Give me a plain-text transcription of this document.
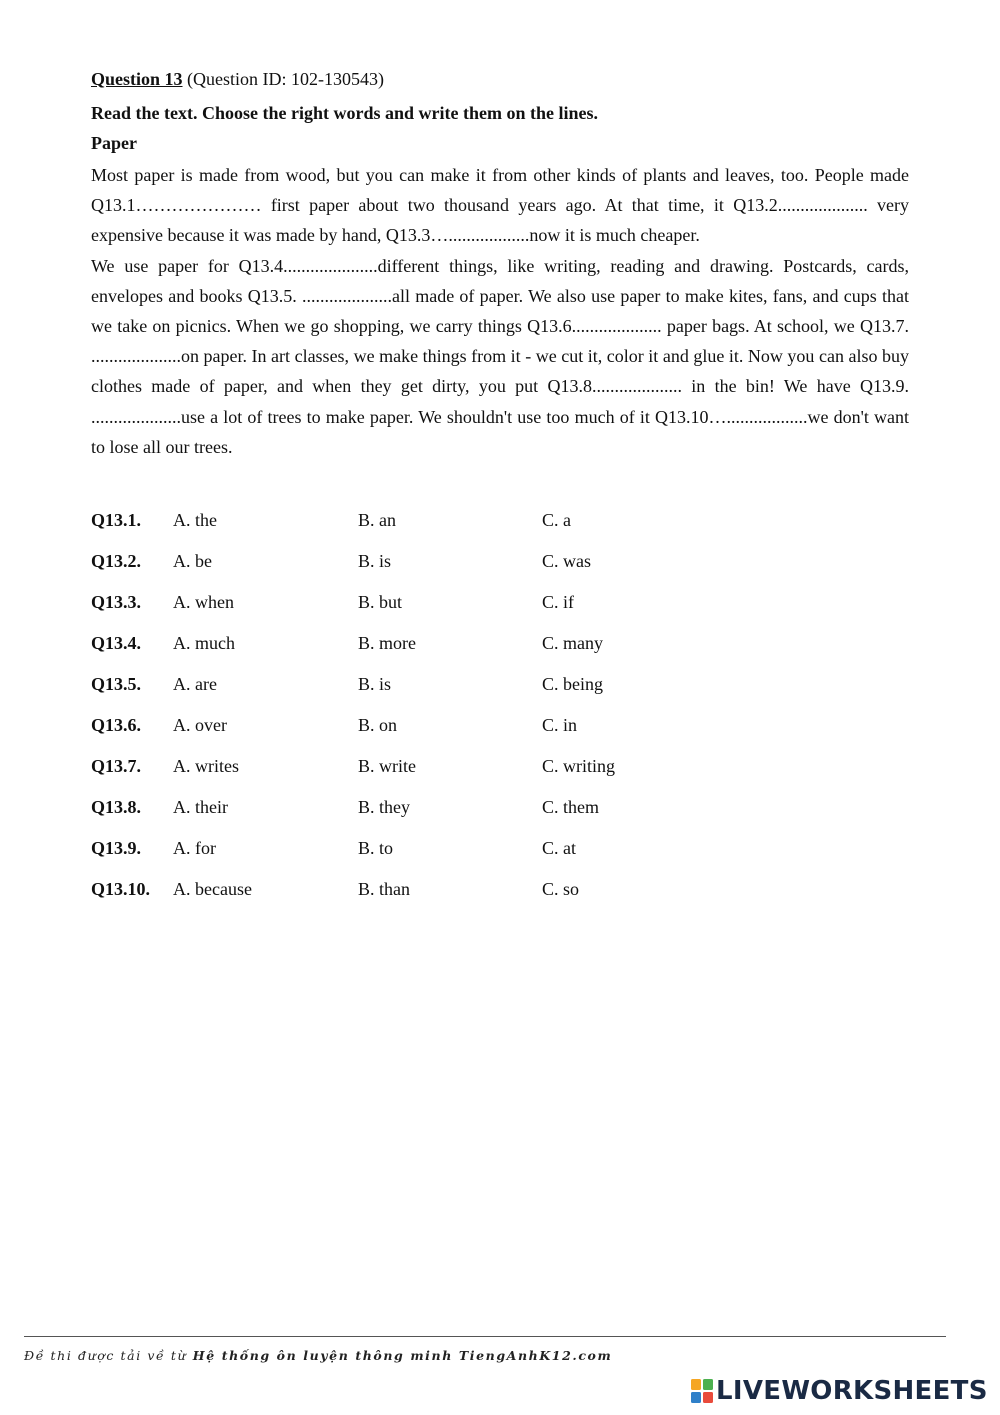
Question 13 (Question ID: 102-130543)

Read the text. Choose the right words and write them on the lines.

Paper

Most paper is made from wood, but you can make it from other kinds of plants and leaves, too. People made Q13.1………………… first paper about two thousand years ago. At that time, it Q13.2.................... very expensive because it was made by hand, Q13.3…..................now it is much cheaper.

We use paper for Q13.4.....................different things, like writing, reading and drawing. Postcards, cards, envelopes and books Q13.5. ....................all made of paper. We also use paper to make kites, fans, and cups that we take on picnics. When we go shopping, we carry things Q13.6.................... paper bags. At school, we Q13.7. ....................on paper. In art classes, we make things from it - we cut it, color it and glue it. Now you can also buy clothes made of paper, and when they get dirty, you put Q13.8.................... in the bin! We have Q13.9. ....................use a lot of trees to make paper. We shouldn't use too much of it Q13.10…..................we don't want to lose all our trees.

Q13.1. A. the	B. an	C. a
Q13.2. A. be	B. is	C. was
Q13.3. A. when	B. but	C. if
Q13.4. A. much	B. more	C. many
Q13.5. A. are	B. is	C. being
Q13.6. A. over	B. on	C. in
Q13.7. A. writes	B. write	C. writing
Q13.8. A. their	B. they	C. them
Q13.9. A. for	B. to	C. at
Q13.10. A. because	B. than	C. so
Đề thi được tải về từ Hệ thống ôn luyện thông minh TiengAnhK12.com
LIVEWORKSHEETS
